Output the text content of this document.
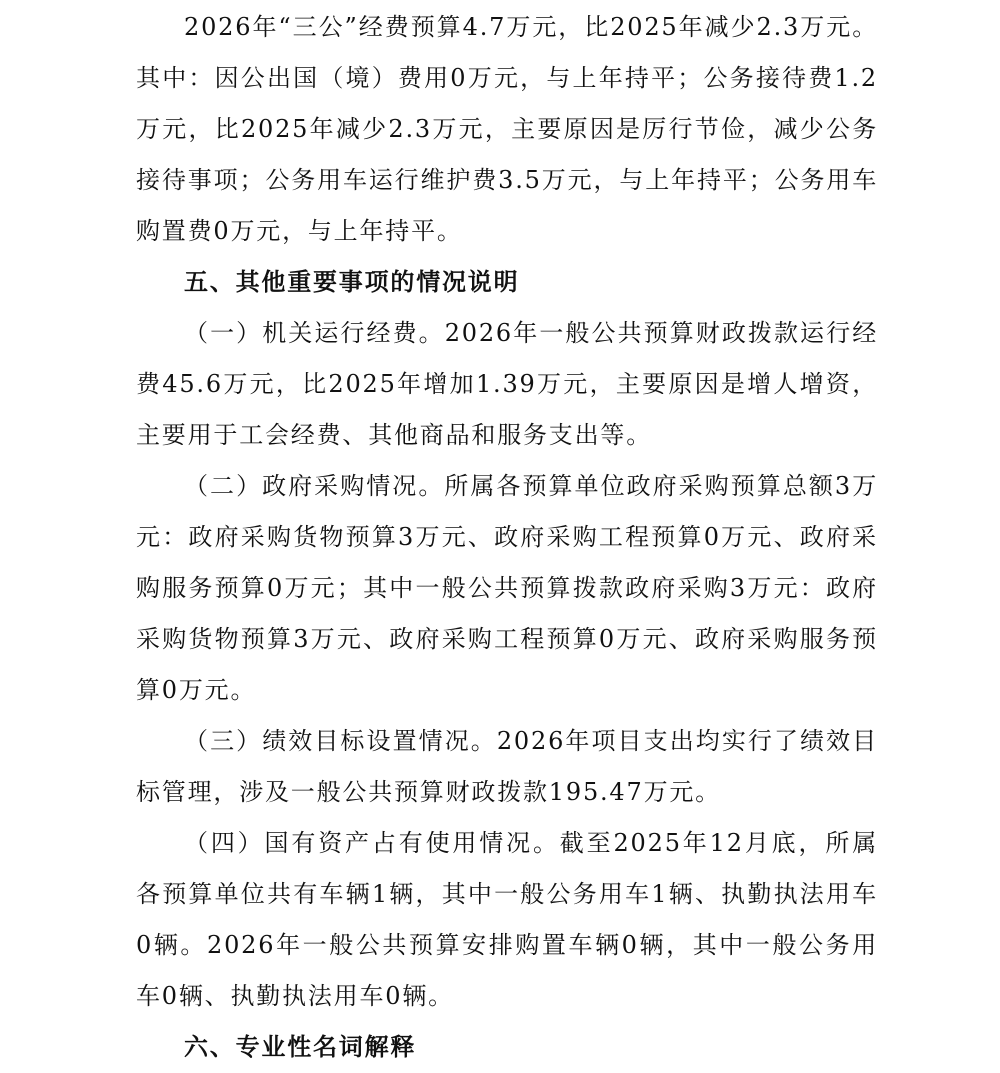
2026年“三公”经费预算4.7万元，比2025年减少2.3万元。其中：因公出国（境）费用0万元，与上年持平；公务接待费1.2万元，比2025年减少2.3万元，主要原因是厉行节俭，减少公务接待事项；公务用车运行维护费3.5万元，与上年持平；公务用车购置费0万元，与上年持平。

五、其他重要事项的情况说明

（一）机关运行经费。2026年一般公共预算财政拨款运行经费45.6万元，比2025年增加1.39万元，主要原因是增人增资，主要用于工会经费、其他商品和服务支出等。

（二）政府采购情况。所属各预算单位政府采购预算总额3万元：政府采购货物预算3万元、政府采购工程预算0万元、政府采购服务预算0万元；其中一般公共预算拨款政府采购3万元：政府采购货物预算3万元、政府采购工程预算0万元、政府采购服务预算0万元。

（三）绩效目标设置情况。2026年项目支出均实行了绩效目标管理，涉及一般公共预算财政拨款195.47万元。

（四）国有资产占有使用情况。截至2025年12月底，所属各预算单位共有车辆1辆，其中一般公务用车1辆、执勤执法用车0辆。2026年一般公共预算安排购置车辆0辆，其中一般公务用车0辆、执勤执法用车0辆。

六、专业性名词解释
